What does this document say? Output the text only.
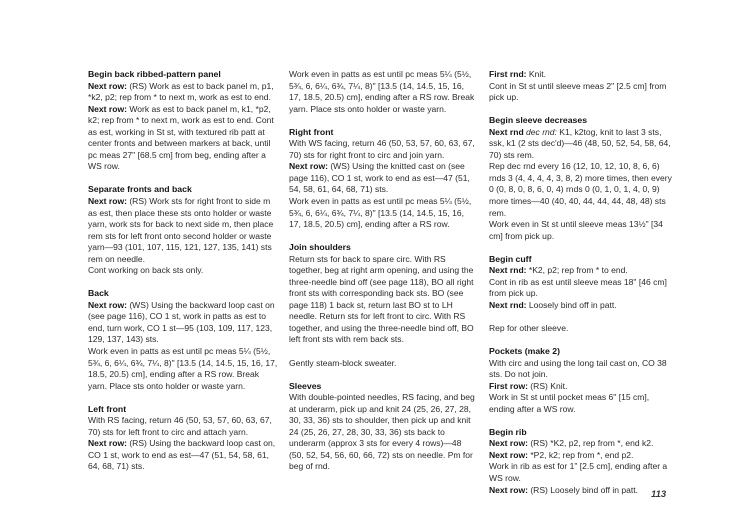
Begin back ribbed-pattern panel

Next row: (RS) Work as est to back panel m, p1, *k2, p2; rep from * to next m, work as est to end.

Next row: Work as est to back panel m, k1, *p2, k2; rep from * to next m, work as est to end. Cont as est, working in St st, with textured rib patt at center fronts and between markers at back, until pc meas 27" [68.5 cm] from beg, ending after a WS row.

Separate fronts and back

Next row: (RS) Work sts for right front to side m as est, then place these sts onto holder or waste yarn, work sts for back to next side m, then place rem sts for left front onto second holder or waste yarn—93 (101, 107, 115, 121, 127, 135, 141) sts rem on needle.

Cont working on back sts only.

Back

Next row: (WS) Using the backward loop cast on (see page 116), CO 1 st, work in patts as est to end, turn work, CO 1 st—95 (103, 109, 117, 123, 129, 137, 143) sts.

Work even in patts as est until pc meas 5¼ (5½, 5¾, 6, 6¼, 6¾, 7¼, 8)" [13.5 (14, 14.5, 15, 16, 17, 18.5, 20.5) cm], ending after a RS row. Break yarn. Place sts onto holder or waste yarn.

Left front

With RS facing, return 46 (50, 53, 57, 60, 63, 67, 70) sts for left front to circ and attach yarn.

Next row: (RS) Using the backward loop cast on, CO 1 st, work to end as est—47 (51, 54, 58, 61, 64, 68, 71) sts.

Work even in patts as est until pc meas 5¼ (5½, 5¾, 6, 6¼, 6¾, 7¼, 8)" [13.5 (14, 14.5, 15, 16, 17, 18.5, 20.5) cm], ending after a RS row. Break yarn. Place sts onto holder or waste yarn.

Right front

With WS facing, return 46 (50, 53, 57, 60, 63, 67, 70) sts for right front to circ and join yarn.

Next row: (WS) Using the knitted cast on (see page 116), CO 1 st, work to end as est—47 (51, 54, 58, 61, 64, 68, 71) sts.

Work even in patts as est until pc meas 5¼ (5½, 5¾, 6, 6¼, 6¾, 7¼, 8)" [13.5 (14, 14.5, 15, 16, 17, 18.5, 20.5) cm], ending after a RS row.

Join shoulders

Return sts for back to spare circ. With RS together, beg at right arm opening, and using the three-needle bind off (see page 118), BO all right front sts with corresponding back sts. BO (see page 118) 1 back st, return last BO st to LH needle. Return sts for left front to circ. With RS together, and using the three-needle bind off, BO left front sts with rem back sts.

Gently steam-block sweater.

Sleeves

With double-pointed needles, RS facing, and beg at underarm, pick up and knit 24 (25, 26, 27, 28, 30, 33, 36) sts to shoulder, then pick up and knit 24 (25, 26, 27, 28, 30, 33, 36) sts back to underarm (approx 3 sts for every 4 rows)—48 (50, 52, 54, 56, 60, 66, 72) sts on needle. Pm for beg of rnd.

First rnd: Knit.

Cont in St st until sleeve meas 2" [2.5 cm] from pick up.

Begin sleeve decreases

Next rnd dec rnd: K1, k2tog, knit to last 3 sts, ssk, k1 (2 sts dec'd)—46 (48, 50, 52, 54, 58, 64, 70) sts rem.

Rep dec rnd every 16 (12, 10, 12, 10, 8, 6, 6) rnds 3 (4, 4, 4, 4, 3, 8, 2) more times, then every 0 (0, 8, 0, 8, 6, 0, 4) rnds 0 (0, 1, 0, 1, 4, 0, 9) more times—40 (40, 40, 44, 44, 44, 48, 48) sts rem.

Work even in St st until sleeve meas 13½" [34 cm] from pick up.

Begin cuff

Next rnd: *K2, p2; rep from * to end.

Cont in rib as est until sleeve meas 18" [46 cm] from pick up.

Next rnd: Loosely bind off in patt.

Rep for other sleeve.

Pockets (make 2)

With circ and using the long tail cast on, CO 38 sts. Do not join.

First row: (RS) Knit.

Work in St st until pocket meas 6" [15 cm], ending after a WS row.

Begin rib

Next row: (RS) *K2, p2, rep from *, end k2.

Next row: *P2, k2; rep from *, end p2.

Work in rib as est for 1" [2.5 cm], ending after a WS row.

Next row: (RS) Loosely bind off in patt.	113
